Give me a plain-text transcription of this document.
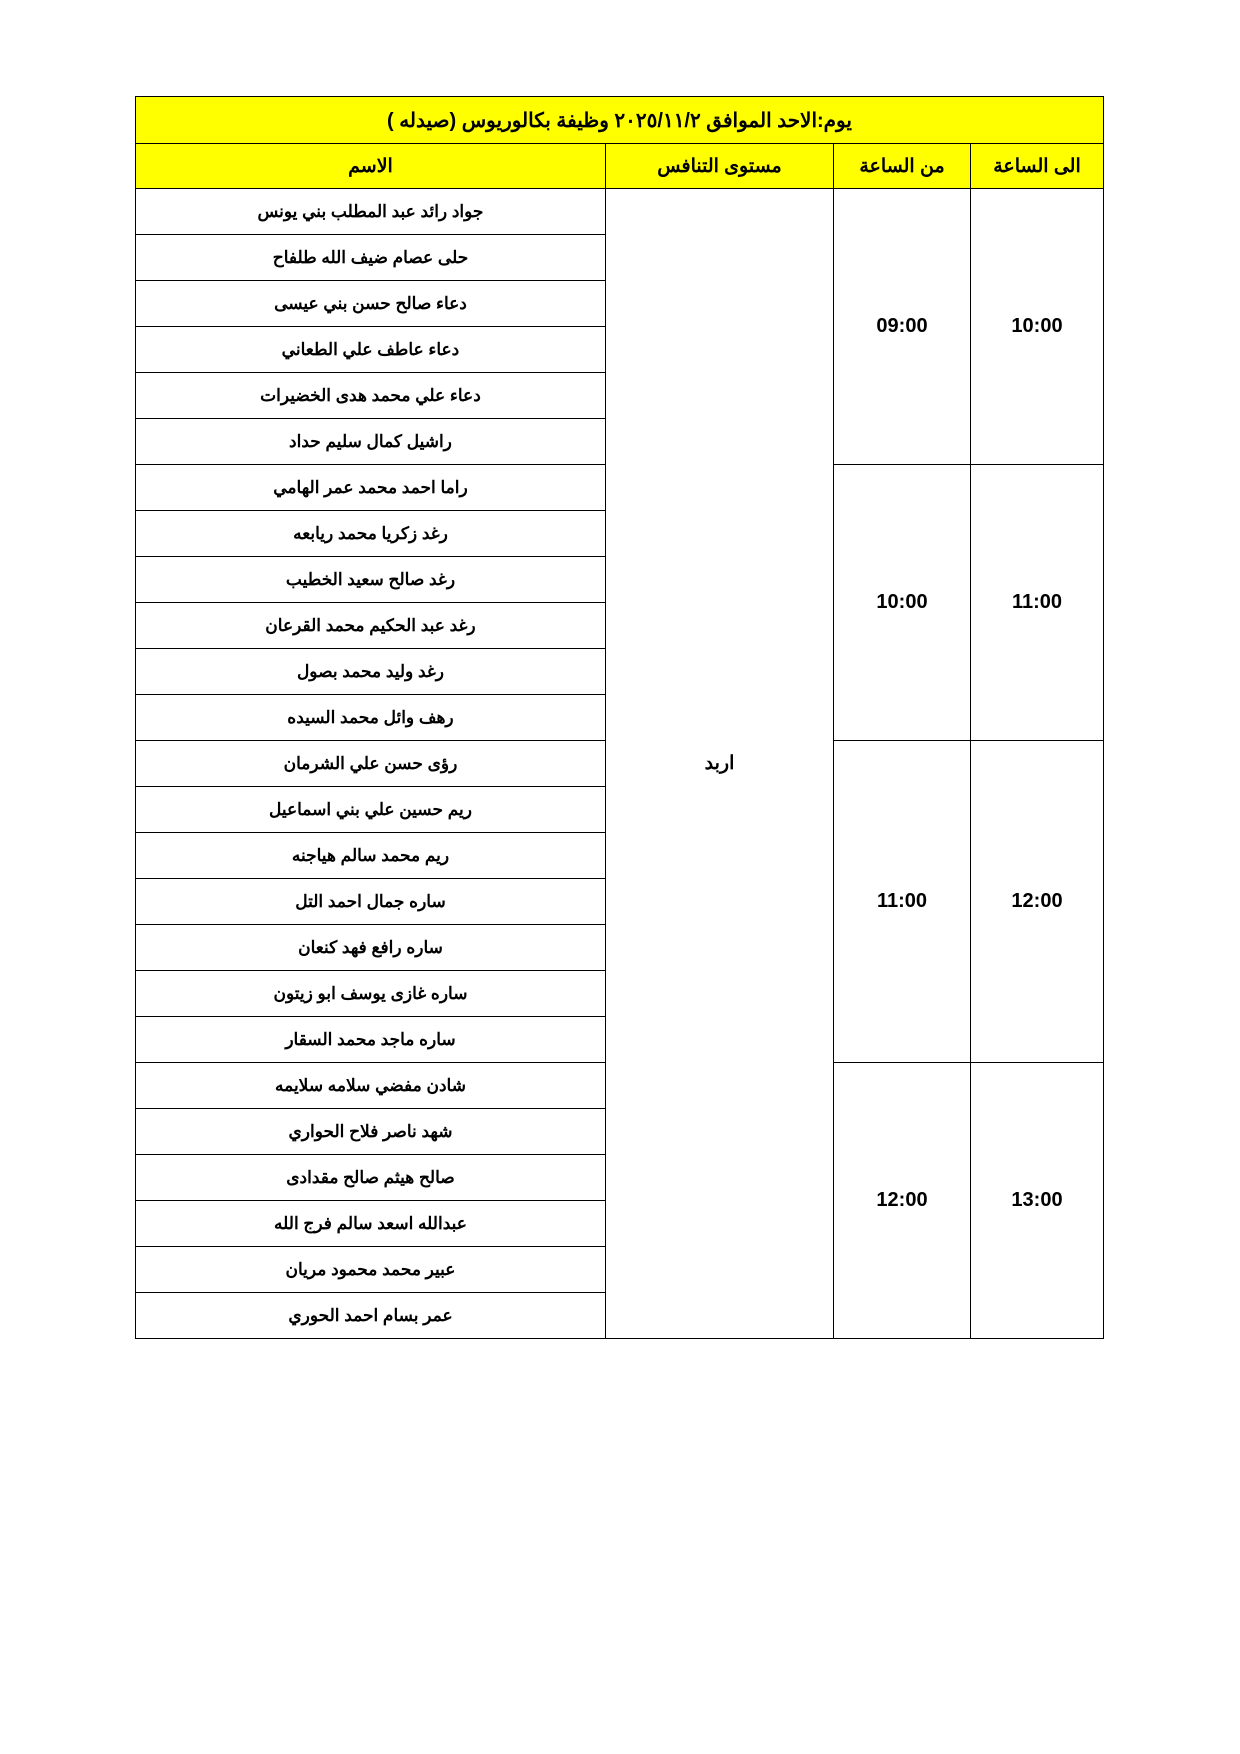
يوم:الاحد الموافق ٢٠٢٥/١١/٢ وظيفة بكالوريوس (صيدله )			
الى الساعة	من الساعة	مستوى التنافس	الاسم
10:00	09:00	اربد	جواد رائد عبد المطلب بني يونس
			حلى عصام ضيف الله طلفاح
			دعاء صالح حسن بني عيسى
			دعاء عاطف علي الطعاني
			دعاء علي محمد هدى الخضيرات
			راشيل كمال سليم حداد
11:00	10:00		راما احمد محمد عمر الهامي
			رغد زكريا محمد ريابعه
			رغد صالح سعيد الخطيب
			رغد عبد الحكيم محمد القرعان
			رغد وليد محمد بصول
			رهف وائل محمد السيده
12:00	11:00		رؤى حسن علي الشرمان
			ريم حسين علي بني اسماعيل
			ريم محمد سالم هياجنه
			ساره جمال احمد التل
			ساره رافع فهد كنعان
			ساره غازى يوسف ابو زيتون
			ساره ماجد محمد السقار
13:00	12:00		شادن مفضي سلامه سلايمه
			شهد ناصر فلاح الحواري
			صالح هيثم صالح مقدادى
			عبدالله اسعد سالم فرج الله
			عبير محمد محمود مريان
			عمر بسام احمد الحوري
